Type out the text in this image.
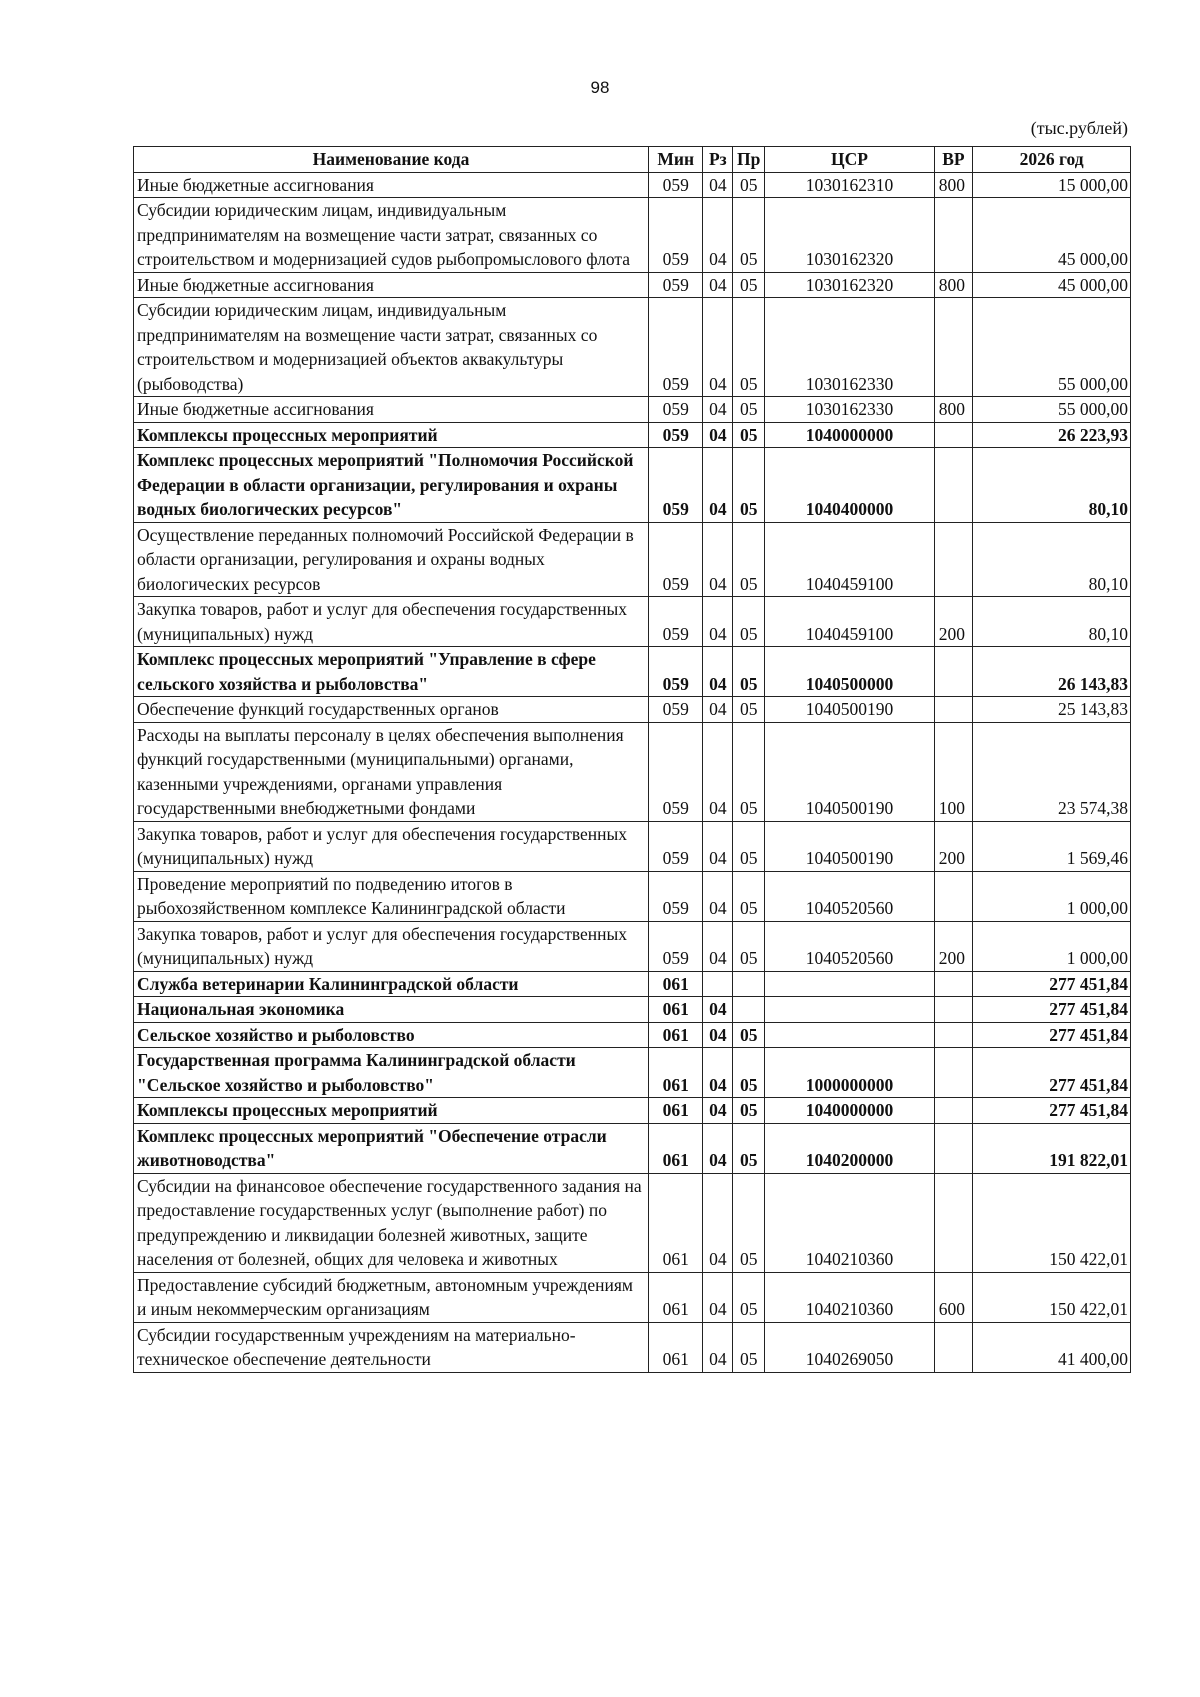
98
(тыс.рублей)
Наименование кода	Мин	Рз	Пр	ЦСР	ВР	2026 год
Иные бюджетные ассигнования	059	04	05	1030162310	800	15 000,00
Субсидии юридическим лицам, индивидуальным предпринимателям на возмещение части затрат, связанных со строительством и модернизацией судов рыбопромыслового флота	059	04	05	1030162320		45 000,00
Иные бюджетные ассигнования	059	04	05	1030162320	800	45 000,00
Субсидии юридическим лицам, индивидуальным предпринимателям на возмещение части затрат, связанных со строительством и модернизацией объектов аквакультуры (рыбоводства)	059	04	05	1030162330		55 000,00
Иные бюджетные ассигнования	059	04	05	1030162330	800	55 000,00
Комплексы процессных мероприятий	059	04	05	1040000000		26 223,93
Комплекс процессных мероприятий "Полномочия Российской Федерации в области организации, регулирования и охраны водных биологических ресурсов"	059	04	05	1040400000		80,10
Осуществление переданных полномочий Российской Федерации в области организации, регулирования и охраны водных биологических ресурсов	059	04	05	1040459100		80,10
Закупка товаров, работ и услуг для обеспечения государственных (муниципальных) нужд	059	04	05	1040459100	200	80,10
Комплекс процессных мероприятий "Управление в сфере сельского хозяйства и рыболовства"	059	04	05	1040500000		26 143,83
Обеспечение функций государственных органов	059	04	05	1040500190		25 143,83
Расходы на выплаты персоналу в целях обеспечения выполнения функций государственными (муниципальными) органами, казенными учреждениями, органами управления государственными внебюджетными фондами	059	04	05	1040500190	100	23 574,38
Закупка товаров, работ и услуг для обеспечения государственных (муниципальных) нужд	059	04	05	1040500190	200	1 569,46
Проведение мероприятий по подведению итогов в рыбохозяйственном комплексе Калининградской области	059	04	05	1040520560		1 000,00
Закупка товаров, работ и услуг для обеспечения государственных (муниципальных) нужд	059	04	05	1040520560	200	1 000,00
Служба ветеринарии Калининградской области	061					277 451,84
Национальная экономика	061	04				277 451,84
Сельское хозяйство и рыболовство	061	04	05			277 451,84
Государственная программа Калининградской области "Сельское хозяйство и рыболовство"	061	04	05	1000000000		277 451,84
Комплексы процессных мероприятий	061	04	05	1040000000		277 451,84
Комплекс процессных мероприятий "Обеспечение отрасли животноводства"	061	04	05	1040200000		191 822,01
Субсидии на финансовое обеспечение государственного задания на предоставление государственных услуг (выполнение работ) по предупреждению и ликвидации болезней животных, защите населения от болезней, общих для человека и животных	061	04	05	1040210360		150 422,01
Предоставление субсидий бюджетным, автономным учреждениям и иным некоммерческим организациям	061	04	05	1040210360	600	150 422,01
Субсидии государственным учреждениям на материально-техническое обеспечение деятельности	061	04	05	1040269050		41 400,00
